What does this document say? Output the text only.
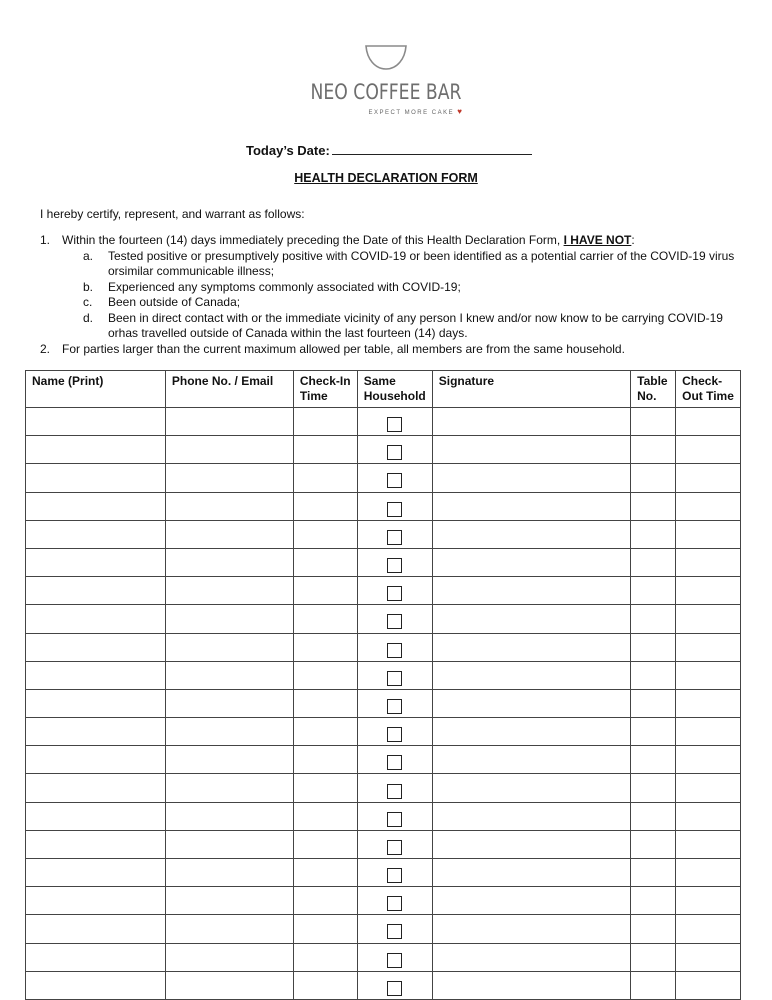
NEO COFFEE BAR
EXPECT MORE CAKE ♥
Today’s Date:
HEALTH DECLARATION FORM
I hereby certify, represent, and warrant as follows:
1. Within the fourteen (14) days immediately preceding the Date of this Health Declaration Form, I HAVE NOT:
a. Tested positive or presumptively positive with COVID-19 or been identified as a potential carrier of the COVID-19 virus orsimilar communicable illness;
b. Experienced any symptoms commonly associated with COVID-19;
c. Been outside of Canada;
d. Been in direct contact with or the immediate vicinity of any person I knew and/or now know to be carrying COVID-19 orhas travelled outside of Canada within the last fourteen (14) days.
2. For parties larger than the current maximum allowed per table, all members are from the same household.
Name (Print)	Phone No. / Email	Check-In Time	Same Household	Signature	Table No.	Check-Out Time
